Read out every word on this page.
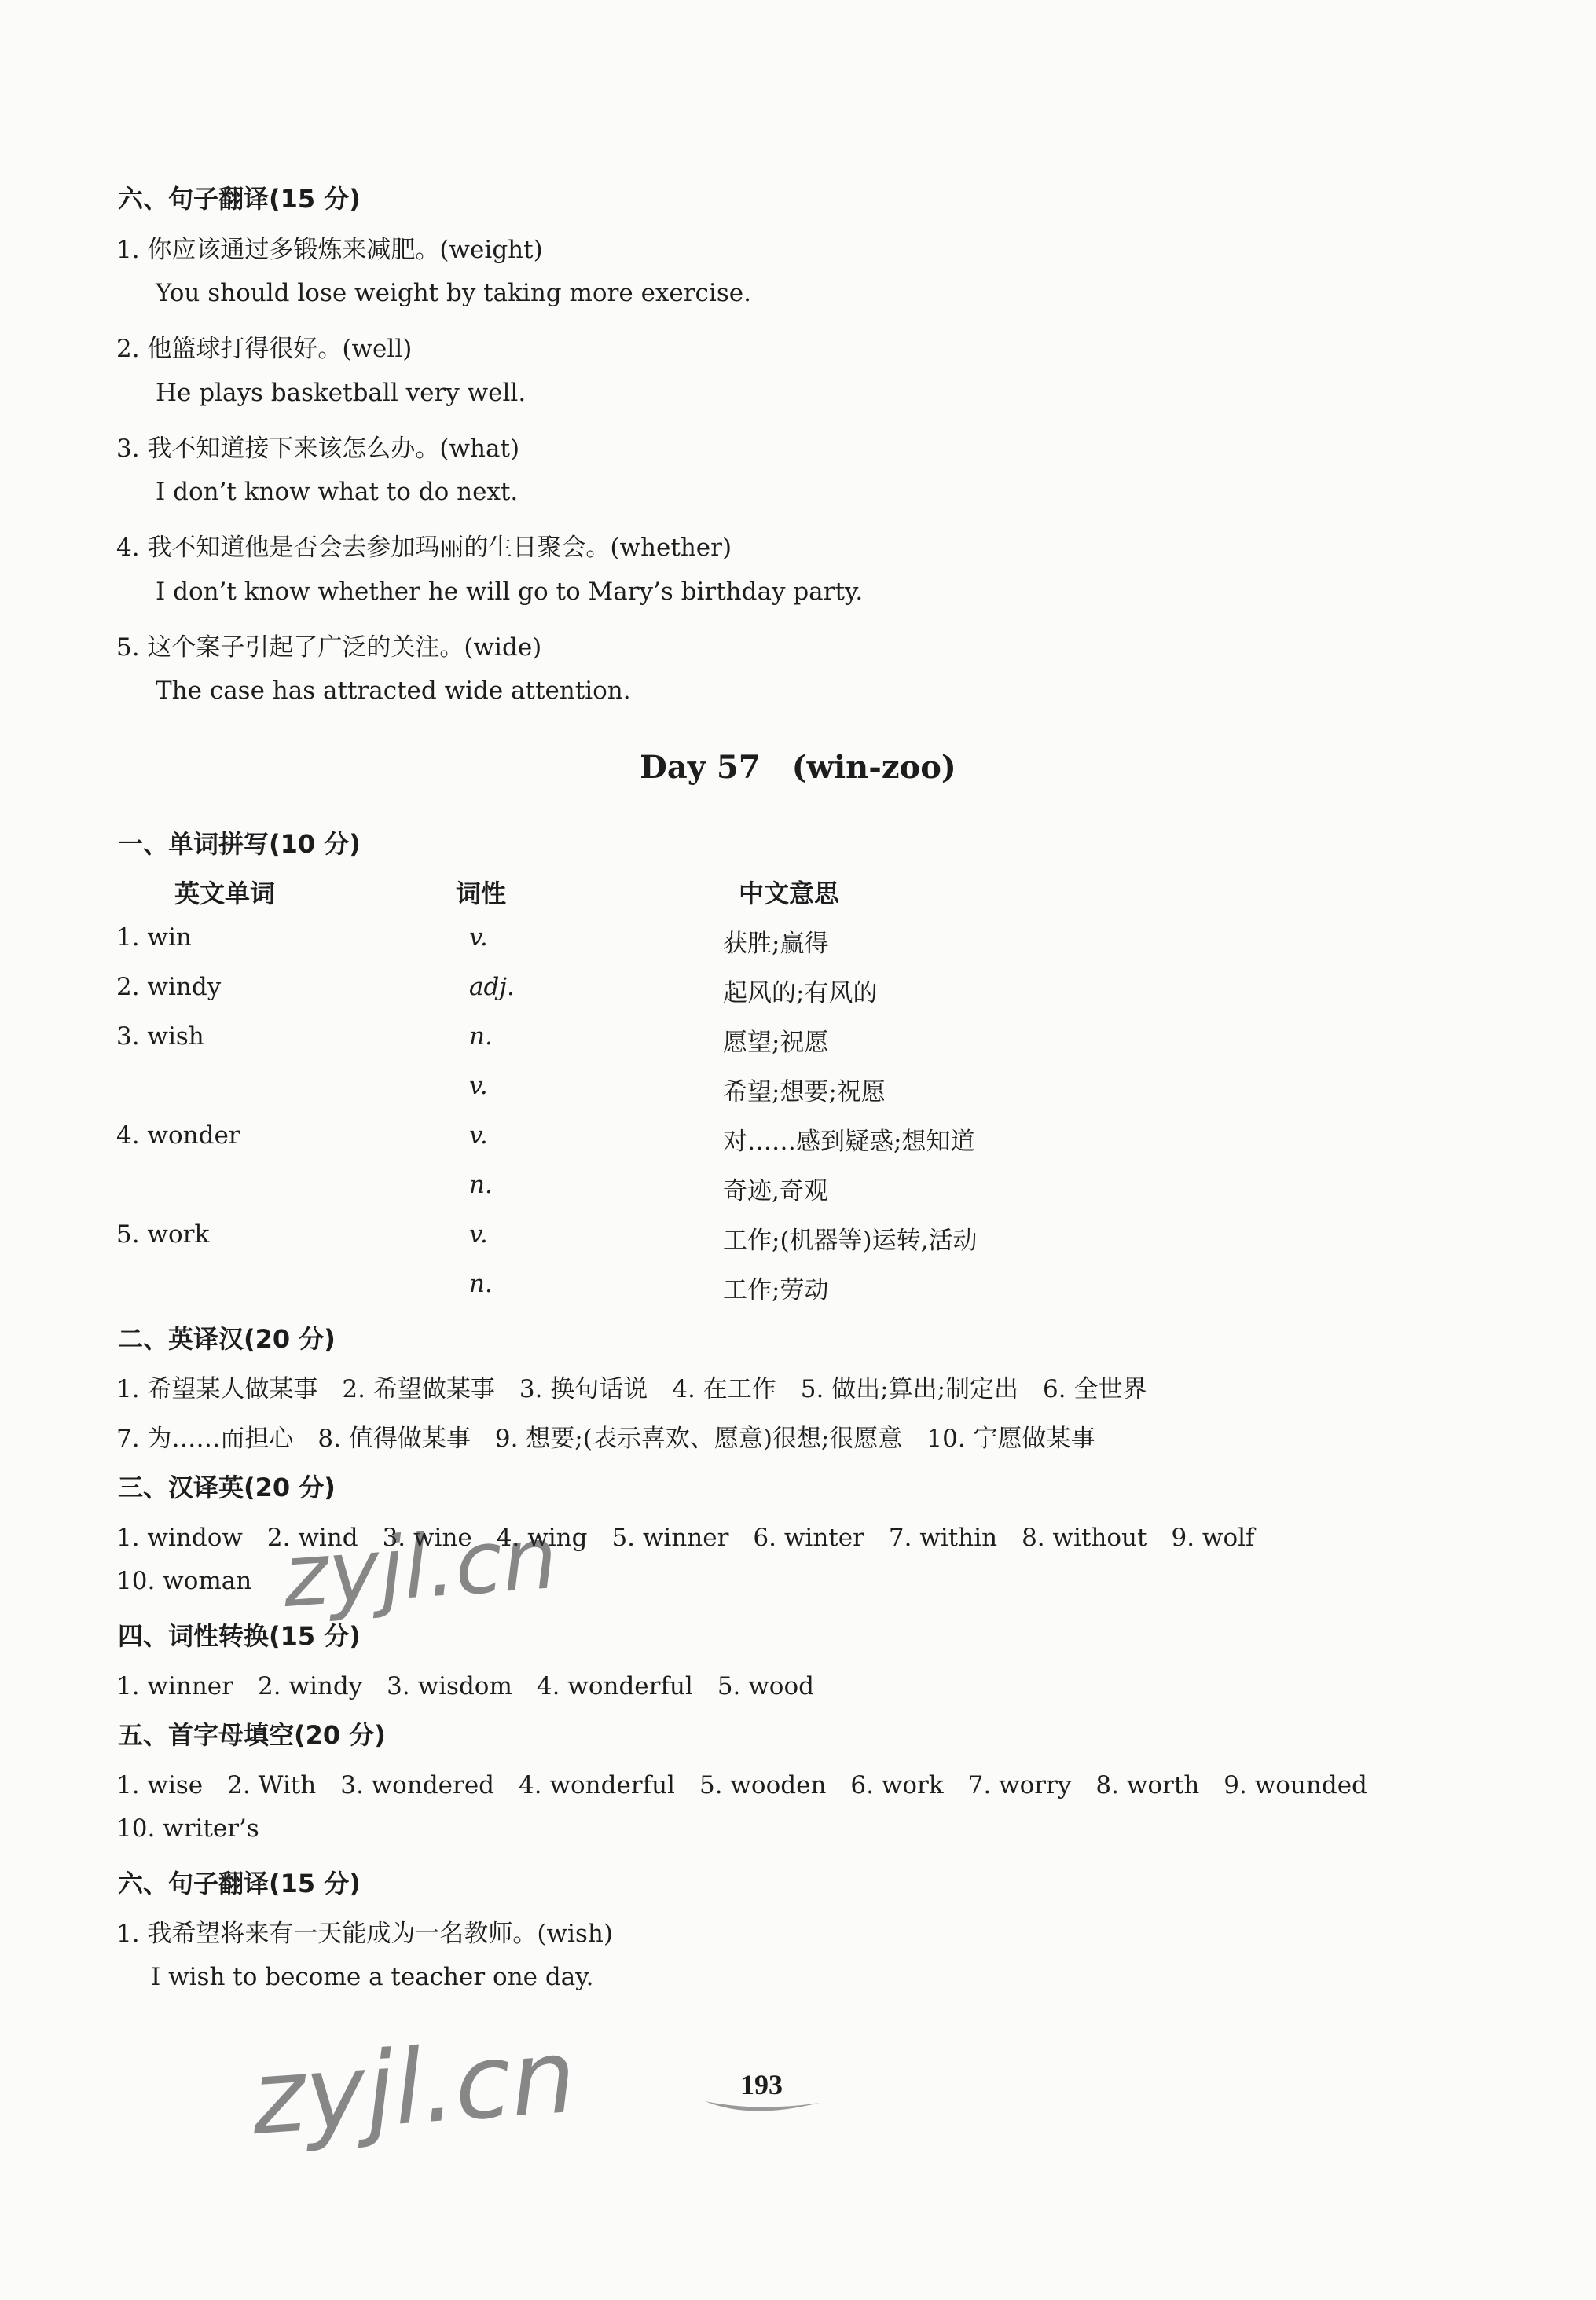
六、句子翻译(15 分)
1. 你应该通过多锻炼来减肥。(weight)
You should lose weight by taking more exercise.
2. 他篮球打得很好。(well)
He plays basketball very well.
3. 我不知道接下来该怎么办。(what)
I don’t know what to do next.
4. 我不知道他是否会去参加玛丽的生日聚会。(whether)
I don’t know whether he will go to Mary’s birthday party.
5. 这个案子引起了广泛的关注。(wide)
The case has attracted wide attention.
Day 57　(win-zoo)
一、单词拼写(10 分)
英文单词	词性	中文意思
1. win	v.	获胜;赢得
2. windy	adj.	起风的;有风的
3. wish	n.	愿望;祝愿
v.	希望;想要;祝愿
4. wonder	v.	对……感到疑惑;想知道
n.	奇迹,奇观
5. work	v.	工作;(机器等)运转,活动
n.	工作;劳动
二、英译汉(20 分)
1. 希望某人做某事　2. 希望做某事　3. 换句话说　4. 在工作　5. 做出;算出;制定出　6. 全世界
7. 为……而担心　8. 值得做某事　9. 想要;(表示喜欢、愿意)很想;很愿意　10. 宁愿做某事
三、汉译英(20 分)
1. window　2. wind　3. wine　4. wing　5. winner　6. winter　7. within　8. without　9. wolf
10. woman
四、词性转换(15 分)
1. winner　2. windy　3. wisdom　4. wonderful　5. wood
五、首字母填空(20 分)
1. wise　2. With　3. wondered　4. wonderful　5. wooden　6. work　7. worry　8. worth　9. wounded
10. writer’s
六、句子翻译(15 分)
1. 我希望将来有一天能成为一名教师。(wish)
I wish to become a teacher one day.
zyjl.cn
zyjl.cn	193
